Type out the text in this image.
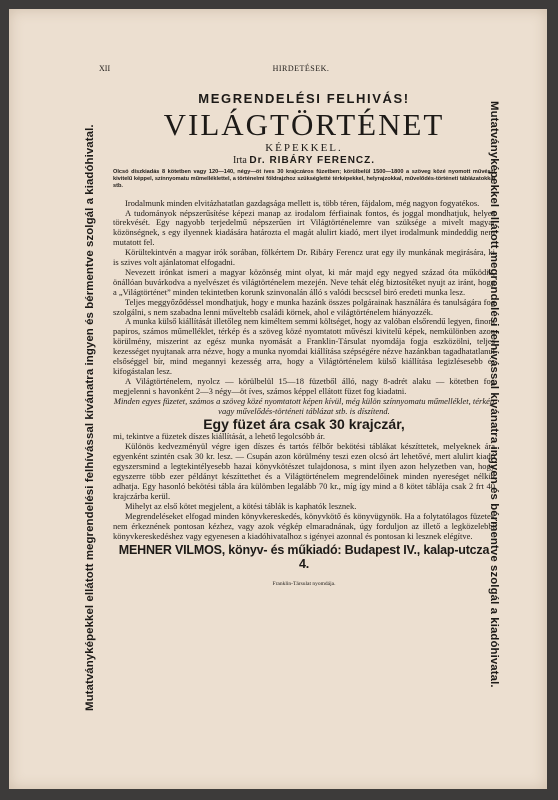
XII	HIRDETÉSEK.
Mutatványképekkel ellátott megrendelési felhívással kívánatra ingyen és bérmentve szolgál a kiadóhivatal.	Mutatványképekkel ellátott megrendelési felhívással kívánatra ingyen és bérmentve szolgál a kiadóhivatal.
MEGRENDELÉSI FELHIVÁS!
VILÁGTÖRTÉNET
KÉPEKKEL.
Irta Dr. RIBÁRY FERENCZ.
Olcsó díszkiadás 8 kötetben vagy 120—140, négy—öt íves 30 krajczáros füzetben; körülbelül 1500—1800 a szöveg közé nyomott művészi kivitelű képpel, színnyomatu műmelléklettel, a történelmi földrajzhoz szükségletté térképekkel, helyrajzokkal, művelődés-történeti táblázatokkal stb.

Irodalmunk minden elvitázhatatlan gazdagsága mellett is, több téren, fájdalom, még nagyon fogyatékos.

A tudományok népszerűsítése képezi manap az irodalom férfiainak fontos, és joggal mondhatjuk, helyes törekvését. Egy nagyobb terjedelmű népszerűen irt Világtörténelemre van szüksége a mivelt magyar közönségnek, s egy ilyennek kiadására határozta el magát alulirt kiadó, mert ilyet irodalmunk mindeddig nem mutatott fel.

Körültekintvén a magyar irók sorában, fölkértem Dr. Ribáry Ferencz urat egy ily munkának megirására, ki is szives volt ajánlatomat elfogadni.

Nevezett irónkat ismeri a magyar közönség mint olyat, ki már majd egy negyed század óta működik, önállóan buvárkodva a nyelvészet és világtörténelem mezején. Neve tehát elég biztosítéket nyujt az iránt, hogy a „Világtörténet” minden tekintetben korunk szinvonalán álló s valódi becscsel biró eredeti munka lesz.

Teljes meggyőződéssel mondhatjuk, hogy e munka hazánk összes polgárainak használára és tanulságára fog szolgálni, s nem szabadna lenni műveltebb családi körnek, ahol e világtörténelem hiányozzék.

A munka külső kiállítását illetőleg nem kiméltem semmi költséget, hogy az valóban elsőrendű legyen, finom papiros, számos műmelléklet, térkép és a szöveg közé nyomtatott művészi kivitelű képek, nemkülönben azon körülmény, miszerint az egész munka nyomását a Franklin-Társulat nyomdája fogja eszközölni, teljes kezességet nyujtanak arra nézve, hogy a munka nyomdai kiállítása szépségére nézve hazánkban tagadhatatlanul elsőséggel bír, mind megannyi kezesség arra, hogy a Világtörténelem külső kiállítása legizlésesebb és kifogástalan lesz.

A Világtörténelem, nyolcz — körülbelül 15—18 füzetből álló, nagy 8-adrét alaku — kötetben fog megjelenni s havonként 2—3 négy—öt íves, számos képpel ellátott füzet fog kiadatni.

Minden egyes füzetet, számos a szöveg közé nyomtatott képen kívül, még külön színnyomatu műmelléklet, térkép vagy művelődés-történeti táblázat stb. is díszítend.

Egy füzet ára csak 30 krajczár,

mi, tekintve a füzetek díszes kiállítását, a lehető legolcsóbb ár.

Különös kedvezményül végre igen díszes és tartós félbőr bekötési táblákat készíttetek, melyeknek ára egyenként szintén csak 30 kr. lesz. — Csupán azon körülmény teszi ezen olcsó árt lehetővé, mert alulirt kiadó egyszersmind a legtekintélyesebb hazai könyvkötészet tulajdonosa, s mint ilyen azon helyzetben van, hogy egyszerre több ezer példányt készíttethet és a Világtörténelem megrendelőinek minden nyereséget nélkül adhatja. Egy hasonló bekötési tábla ára külömben legalább 70 kr., míg így mind a 8 kötet táblája csak 2 frt 40 krajczárba kerül.

Mihelyt az első kötet megjelent, a kötési táblák is kaphatók lesznek.

Megrendeléseket elfogad minden könyvkereskedés, könyvkötő és könyvügynök. Ha a folytatólagos füzetek nem érkeznének pontosan kézhez, vagy azok végkép elmaradnának, úgy forduljon az illető a legközelebbi könyvkereskedéshez vagy egyenesen a kiadóhivatalhoz s igényei azonnal és pontosan ki lesznek elégítve.

MEHNER VILMOS, könyv- és műkiadó: Budapest IV., kalap-utcza 4.
Franklin-Társulat nyomdája.
